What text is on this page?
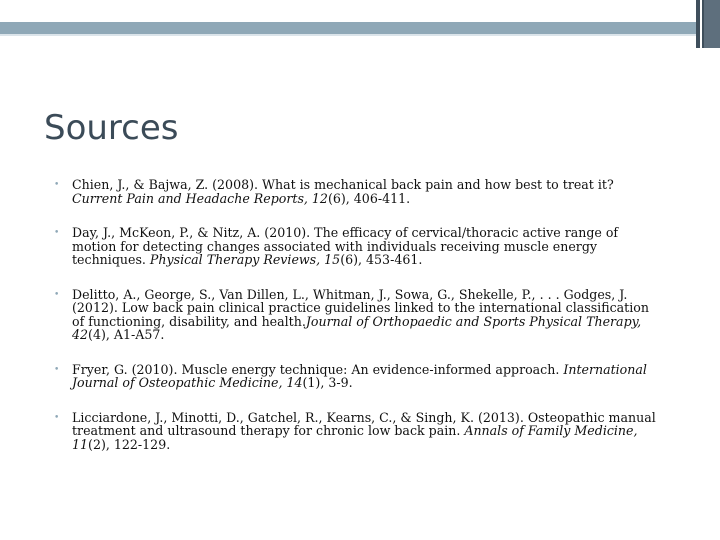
Sources
• Chien, J., & Bajwa, Z. (2008). What is mechanical back pain and how best to treat it? Current Pain and Headache Reports, 12(6), 406-411.
• Day, J., McKeon, P., & Nitz, A. (2010). The efficacy of cervical/thoracic active range of motion for detecting changes associated with individuals receiving muscle energy techniques. Physical Therapy Reviews, 15(6), 453-461.
• Delitto, A., George, S., Van Dillen, L., Whitman, J., Sowa, G., Shekelle, P., . . . Godges, J. (2012). Low back pain clinical practice guidelines linked to the international classification of functioning, disability, and health.Journal of Orthopaedic and Sports Physical Therapy, 42(4), A1-A57.
• Fryer, G. (2010). Muscle energy technique: An evidence-informed approach. International Journal of Osteopathic Medicine, 14(1), 3-9.
• Licciardone, J., Minotti, D., Gatchel, R., Kearns, C., & Singh, K. (2013). Osteopathic manual treatment and ultrasound therapy for chronic low back pain. Annals of Family Medicine, 11(2), 122-129.
